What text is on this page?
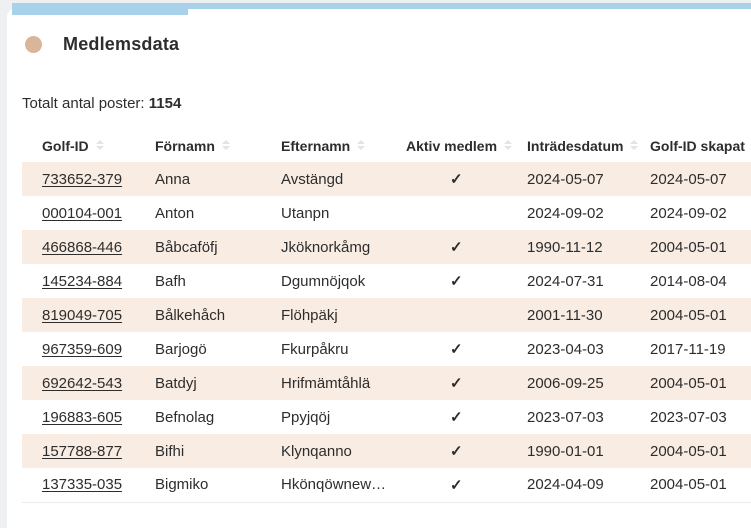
Medlemsdata
Totalt antal poster: 1154
Golf-ID	Förnamn	Efternamn	Aktiv medlem	Inträdesdatum	Golf-ID skapat

733652-379	Anna	Avstängd	✓	2024-05-07	2024-05-07
000104-001	Anton	Utanpn		2024-09-02	2024-09-02
466868-446	Båbcaföfj	Jköknorkåmg	✓	1990-11-12	2004-05-01
145234-884	Bafh	Dgumnöjqok	✓	2024-07-31	2014-08-04
819049-705	Bålkehåch	Flöhpäkj		2001-11-30	2004-05-01
967359-609	Barjogö	Fkurpåkru	✓	2023-04-03	2017-11-19
692642-543	Batdyj	Hrifmämtåhlä	✓	2006-09-25	2004-05-01
196883-605	Befnolag	Ppyjqöj	✓	2023-07-03	2023-07-03
157788-877	Bifhi	Klynqanno	✓	1990-01-01	2004-05-01
137335-035	Bigmiko	Hkönqöwnew…	✓	2024-04-09	2004-05-01
